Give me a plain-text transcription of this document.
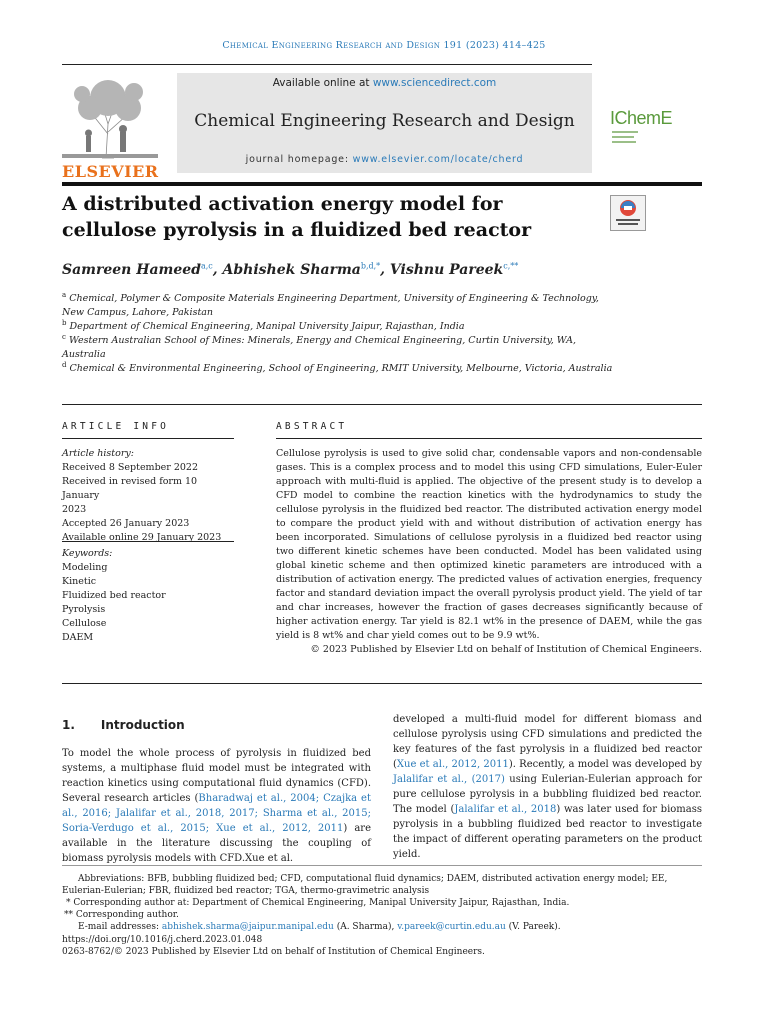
Chemical Engineering Research and Design 191 (2023) 414–425
ELSEVIER
Available online at www.sciencedirect.com
Chemical Engineering Research and Design
journal homepage: www.elsevier.com/locate/cherd
IChemE
A distributed activation energy model for cellulose pyrolysis in a fluidized bed reactor
Samreen Hameed$^{a,c}$, Abhishek Sharma$^{b,d,*}$, Vishnu Pareek$^{c,**}$
$^a$ Chemical, Polymer & Composite Materials Engineering Department, University of Engineering & Technology, New Campus, Lahore, Pakistan
$^b$ Department of Chemical Engineering, Manipal University Jaipur, Rajasthan, India
$^c$ Western Australian School of Mines: Minerals, Energy and Chemical Engineering, Curtin University, WA, Australia
$^d$ Chemical & Environmental Engineering, School of Engineering, RMIT University, Melbourne, Victoria, Australia
ARTICLE INFO
Article history:
Received 8 September 2022
Received in revised form 10 January
2023
Accepted 26 January 2023
Available online 29 January 2023
Keywords:
Modeling
Kinetic
Fluidized bed reactor
Pyrolysis
Cellulose
DAEM
ABSTRACT
Cellulose pyrolysis is used to give solid char, condensable vapors and non-condensable gases. This is a complex process and to model this using CFD simulations, Euler-Euler approach with multi-fluid is applied. The objective of the present study is to develop a CFD model to combine the reaction kinetics with the hydrodynamics to study the cellulose pyrolysis in the fluidized bed reactor. The distributed activation energy model to compare the product yield with and without distribution of activation energy has been incorporated. Simulations of cellulose pyrolysis in a fluidized bed reactor using two different kinetic schemes have been conducted. Model has been validated using global kinetic scheme and then optimized kinetic parameters are introduced with a distribution of activation energy. The predicted values of activation energies, frequency factor and standard deviation impact the overall pyrolysis product yield. The yield of tar and char increases, however the fraction of gases decreases significantly because of higher activation energy. Tar yield is 82.1 wt% in the presence of DAEM, while the gas yield is 8 wt% and char yield comes out to be 9.9 wt%.
© 2023 Published by Elsevier Ltd on behalf of Institution of Chemical Engineers.
1. Introduction
To model the whole process of pyrolysis in fluidized bed systems, a multiphase fluid model must be integrated with reaction kinetics using computational fluid dynamics (CFD). Several research articles (Bharadwaj et al., 2004; Czajka et al., 2016; Jalalifar et al., 2018, 2017; Sharma et al., 2015; Soria-Verdugo et al., 2015; Xue et al., 2012, 2011) are available in the literature discussing the coupling of biomass pyrolysis models with CFD.Xue et al.
developed a multi-fluid model for different biomass and cellulose pyrolysis using CFD simulations and predicted the key features of the fast pyrolysis in a fluidized bed reactor (Xue et al., 2012, 2011). Recently, a model was developed by Jalalifar et al., (2017) using Eulerian-Eulerian approach for pure cellulose pyrolysis in a bubbling fluidized bed reactor. The model (Jalalifar et al., 2018) was later used for biomass pyrolysis in a bubbling fluidized bed reactor to investigate the impact of different operating parameters on the product yield.
Abbreviations: BFB, bubbling fluidized bed; CFD, computational fluid dynamics; DAEM, distributed activation energy model; EE, Eulerian-Eulerian; FBR, fluidized bed reactor; TGA, thermo-gravimetric analysis
* Corresponding author at: Department of Chemical Engineering, Manipal University Jaipur, Rajasthan, India.
** Corresponding author.
E-mail addresses: abhishek.sharma@jaipur.manipal.edu (A. Sharma), v.pareek@curtin.edu.au (V. Pareek).
https://doi.org/10.1016/j.cherd.2023.01.048
0263-8762/© 2023 Published by Elsevier Ltd on behalf of Institution of Chemical Engineers.
